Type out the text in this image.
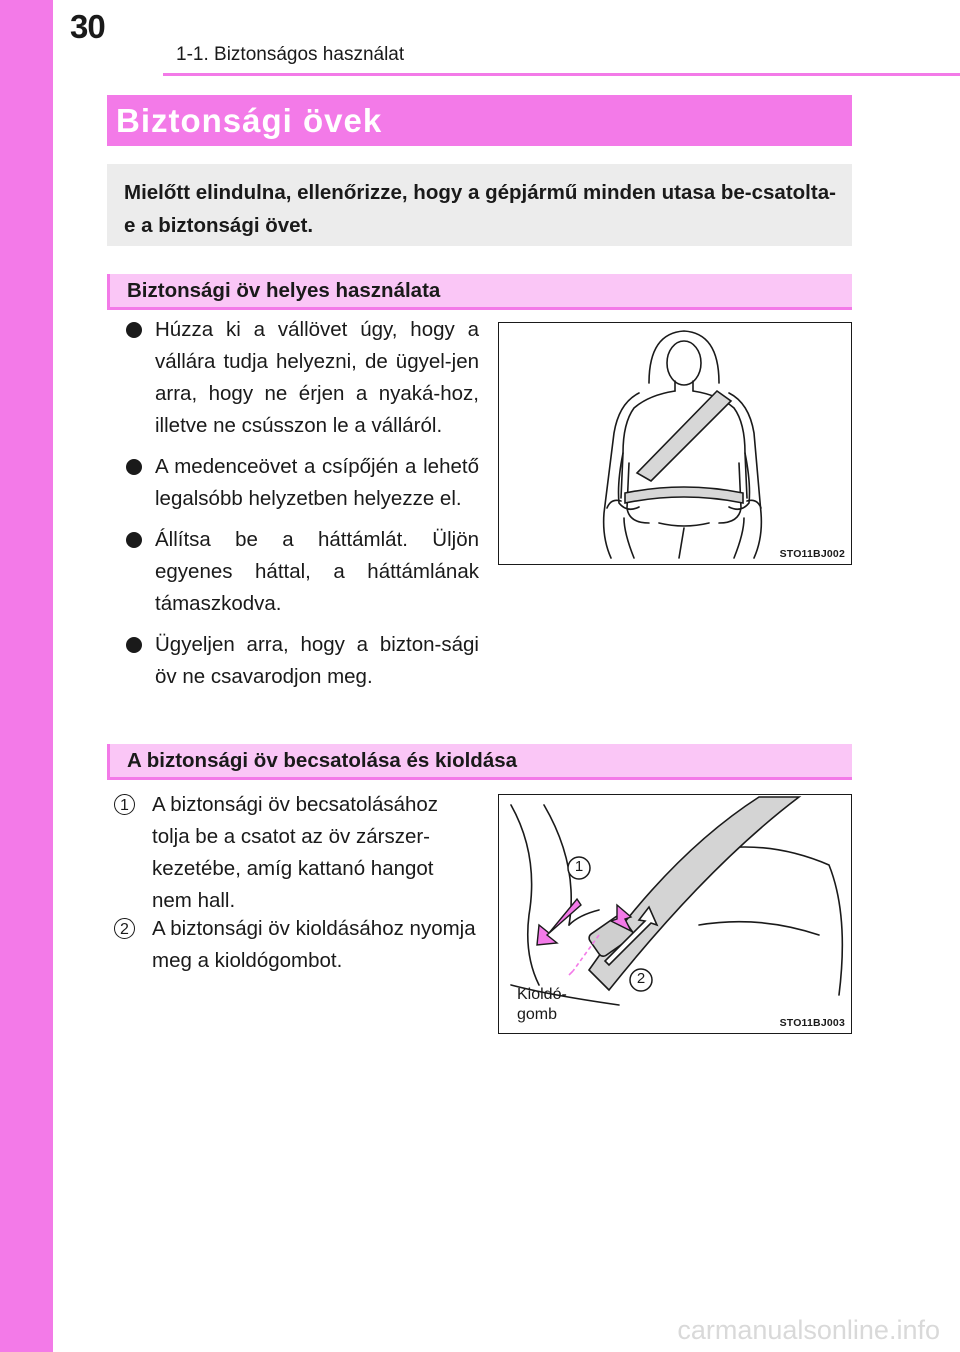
30
1-1. Biztonságos használat
Biztonsági övek
Mielőtt elindulna, ellenőrizze, hogy a gépjármű minden utasa be-csatolta-e a biztonsági övet.
Biztonsági öv helyes használata
Húzza ki a vállövet úgy, hogy a vállára tudja helyezni, de ügyel-jen arra, hogy ne érjen a nyaká-hoz, illetve ne csússzon le a válláról.
A medenceövet a csípőjén a lehető legalsóbb helyzetben helyezze el.
Állítsa be a háttámlát. Üljön egyenes háttal, a háttámlának támaszkodva.
Ügyeljen arra, hogy a bizton-sági öv ne csavarodjon meg.
STO11BJ002
A biztonsági öv becsatolása és kioldása
1 A biztonsági öv becsatolásához tolja be a csatot az öv zárszer-kezetébe, amíg kattanó hangot nem hall.
2 A biztonsági öv kioldásához nyomja meg a kioldógombot.
1
2
Kioldó-
gomb	STO11BJ003
carmanualsonline.info
